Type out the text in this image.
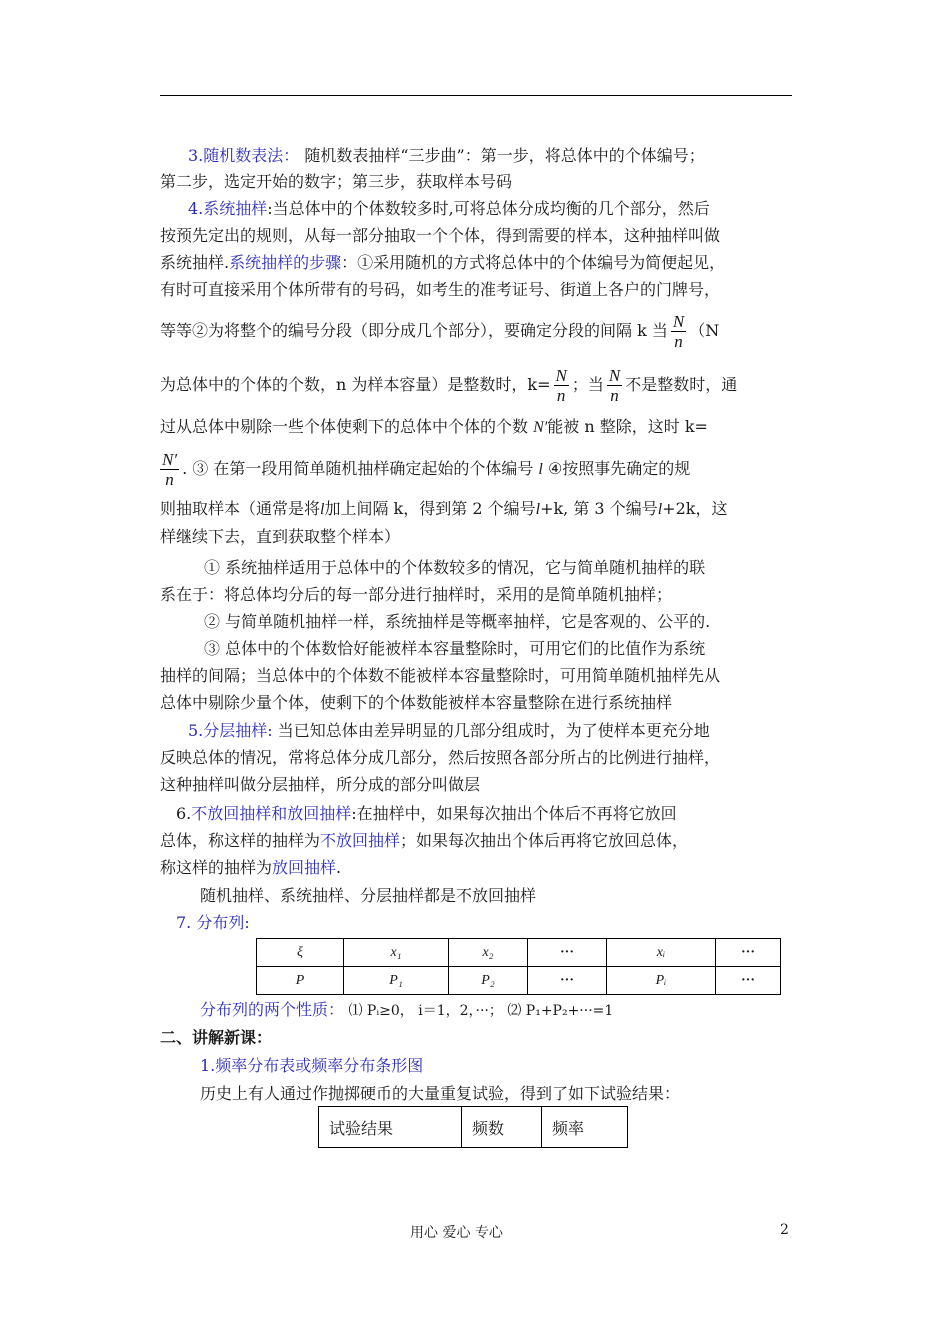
3.随机数表法： 随机数表抽样“三步曲”：第一步，将总体中的个体编号；
第二步，选定开始的数字；第三步，获取样本号码
4.系统抽样:当总体中的个体数较多时,可将总体分成均衡的几个部分，然后
按预先定出的规则，从每一部分抽取一个个体，得到需要的样本，这种抽样叫做
系统抽样.系统抽样的步骤：①采用随机的方式将总体中的个体编号为简便起见，
有时可直接采用个体所带有的号码，如考生的准考证号、街道上各户的门牌号，
等等②为将整个的编号分段（即分成几个部分），要确定分段的间隔 k 当 $\frac{N}{n} (N$
为总体中的个体的个数，n 为样本容量）是整数时，$k= \frac{N}{n}$ ；当 $\frac{N}{n}$ 不是整数时，通
过从总体中剔除一些个体使剩下的总体中个体的个数 N′能被 n 整除，这时 k=
$\frac{N'}{n}$ . ③ 在第一段用简单随机抽样确定起始的个体编号 l ④按照事先确定的规
则抽取样本（通常是将l加上间隔 k，得到第 2 个编号l+k, 第 3 个编号l+2k，这
样继续下去，直到获取整个样本）
① 系统抽样适用于总体中的个体数较多的情况，它与简单随机抽样的联
系在于：将总体均分后的每一部分进行抽样时，采用的是简单随机抽样；
② 与简单随机抽样一样，系统抽样是等概率抽样，它是客观的、公平的.
③ 总体中的个体数恰好能被样本容量整除时，可用它们的比值作为系统
抽样的间隔；当总体中的个体数不能被样本容量整除时，可用简单随机抽样先从
总体中剔除少量个体，使剩下的个体数能被样本容量整除在进行系统抽样
5.分层抽样: 当已知总体由差异明显的几部分组成时，为了使样本更充分地
反映总体的情况，常将总体分成几部分，然后按照各部分所占的比例进行抽样，
这种抽样叫做分层抽样，所分成的部分叫做层
6.不放回抽样和放回抽样:在抽样中，如果每次抽出个体后不再将它放回
总体，称这样的抽样为不放回抽样；如果每次抽出个体后再将它放回总体，
称这样的抽样为放回抽样.
随机抽样、系统抽样、分层抽样都是不放回抽样
7. 分布列:
ξ	x₁	x₂	···	xᵢ	···
P	P₁	P₂	···	Pᵢ	···
分布列的两个性质： ⑴ Pᵢ≥0， i＝1，2，···； ⑵ P₁+P₂+···=1
二、讲解新课：
1.频率分布表或频率分布条形图
历史上有人通过作抛掷硬币的大量重复试验，得到了如下试验结果：
试验结果	频数	频率
用心 爱心 专心	2
